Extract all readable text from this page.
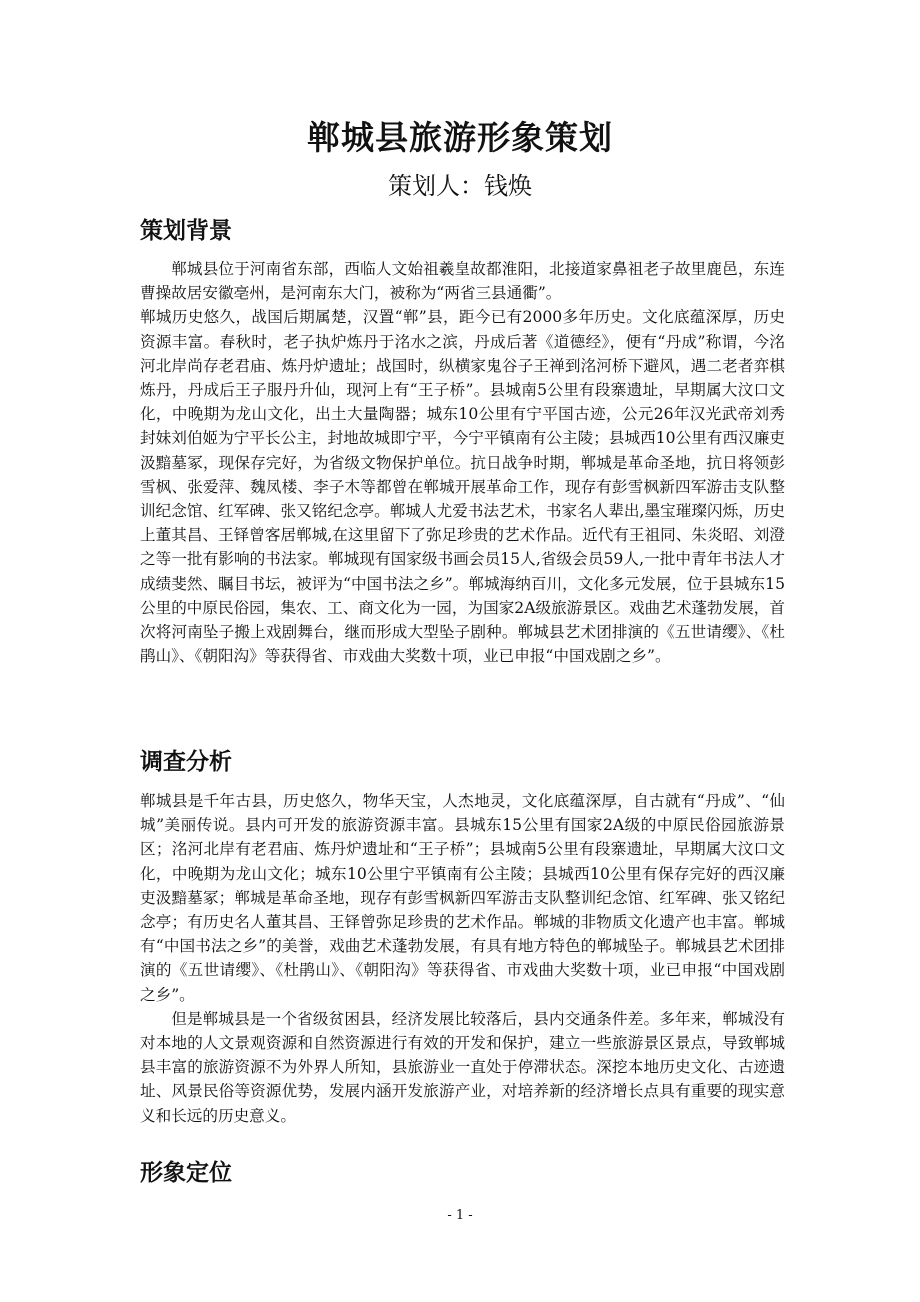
郸城县旅游形象策划
策划人：钱焕
策划背景

郸城县位于河南省东部，西临人文始祖羲皇故都淮阳，北接道家鼻祖老子故里鹿邑，东连曹操故居安徽亳州，是河南东大门，被称为“两省三县通衢”。

郸城历史悠久，战国后期属楚，汉置“郸”县，距今已有2000多年历史。文化底蕴深厚，历史资源丰富。春秋时，老子执炉炼丹于洺水之滨，丹成后著《道德经》，便有“丹成”称谓，今洺河北岸尚存老君庙、炼丹炉遗址；战国时，纵横家鬼谷子王禅到洺河桥下避风，遇二老者弈棋炼丹，丹成后王子服丹升仙，现河上有“王子桥”。县城南5公里有段寨遗址，早期属大汶口文化，中晚期为龙山文化，出土大量陶器；城东10公里有宁平国古迹，公元26年汉光武帝刘秀封妹刘伯姬为宁平长公主，封地故城即宁平，今宁平镇南有公主陵；县城西10公里有西汉廉吏汲黯墓冢，现保存完好，为省级文物保护单位。抗日战争时期，郸城是革命圣地，抗日将领彭雪枫、张爱萍、魏凤楼、李子木等都曾在郸城开展革命工作，现存有彭雪枫新四军游击支队整训纪念馆、红军碑、张又铭纪念亭。郸城人尤爱书法艺术，书家名人辈出,墨宝璀璨闪烁，历史上董其昌、王铎曾客居郸城,在这里留下了弥足珍贵的艺术作品。近代有王祖同、朱炎昭、刘澄之等一批有影响的书法家。郸城现有国家级书画会员15人,省级会员59人,一批中青年书法人才成绩斐然、瞩目书坛，被评为“中国书法之乡”。郸城海纳百川，文化多元发展，位于县城东15公里的中原民俗园，集农、工、商文化为一园，为国家2A级旅游景区。戏曲艺术蓬勃发展，首次将河南坠子搬上戏剧舞台，继而形成大型坠子剧种。郸城县艺术团排演的《五世请缨》、《杜鹃山》、《朝阳沟》等获得省、市戏曲大奖数十项，业已申报“中国戏剧之乡”。

调查分析

郸城县是千年古县，历史悠久，物华天宝，人杰地灵，文化底蕴深厚，自古就有“丹成”、“仙城”美丽传说。县内可开发的旅游资源丰富。县城东15公里有国家2A级的中原民俗园旅游景区；洺河北岸有老君庙、炼丹炉遗址和“王子桥”；县城南5公里有段寨遗址，早期属大汶口文化，中晚期为龙山文化；城东10公里宁平镇南有公主陵；县城西10公里有保存完好的西汉廉吏汲黯墓冢；郸城是革命圣地，现存有彭雪枫新四军游击支队整训纪念馆、红军碑、张又铭纪念亭；有历史名人董其昌、王铎曾弥足珍贵的艺术作品。郸城的非物质文化遗产也丰富。郸城有“中国书法之乡”的美誉，戏曲艺术蓬勃发展，有具有地方特色的郸城坠子。郸城县艺术团排演的《五世请缨》、《杜鹃山》、《朝阳沟》等获得省、市戏曲大奖数十项，业已申报“中国戏剧之乡”。

但是郸城县是一个省级贫困县，经济发展比较落后，县内交通条件差。多年来，郸城没有对本地的人文景观资源和自然资源进行有效的开发和保护，建立一些旅游景区景点，导致郸城县丰富的旅游资源不为外界人所知，县旅游业一直处于停滞状态。深挖本地历史文化、古迹遗址、风景民俗等资源优势，发展内涵开发旅游产业，对培养新的经济增长点具有重要的现实意义和长远的历史意义。

形象定位
- 1 -
